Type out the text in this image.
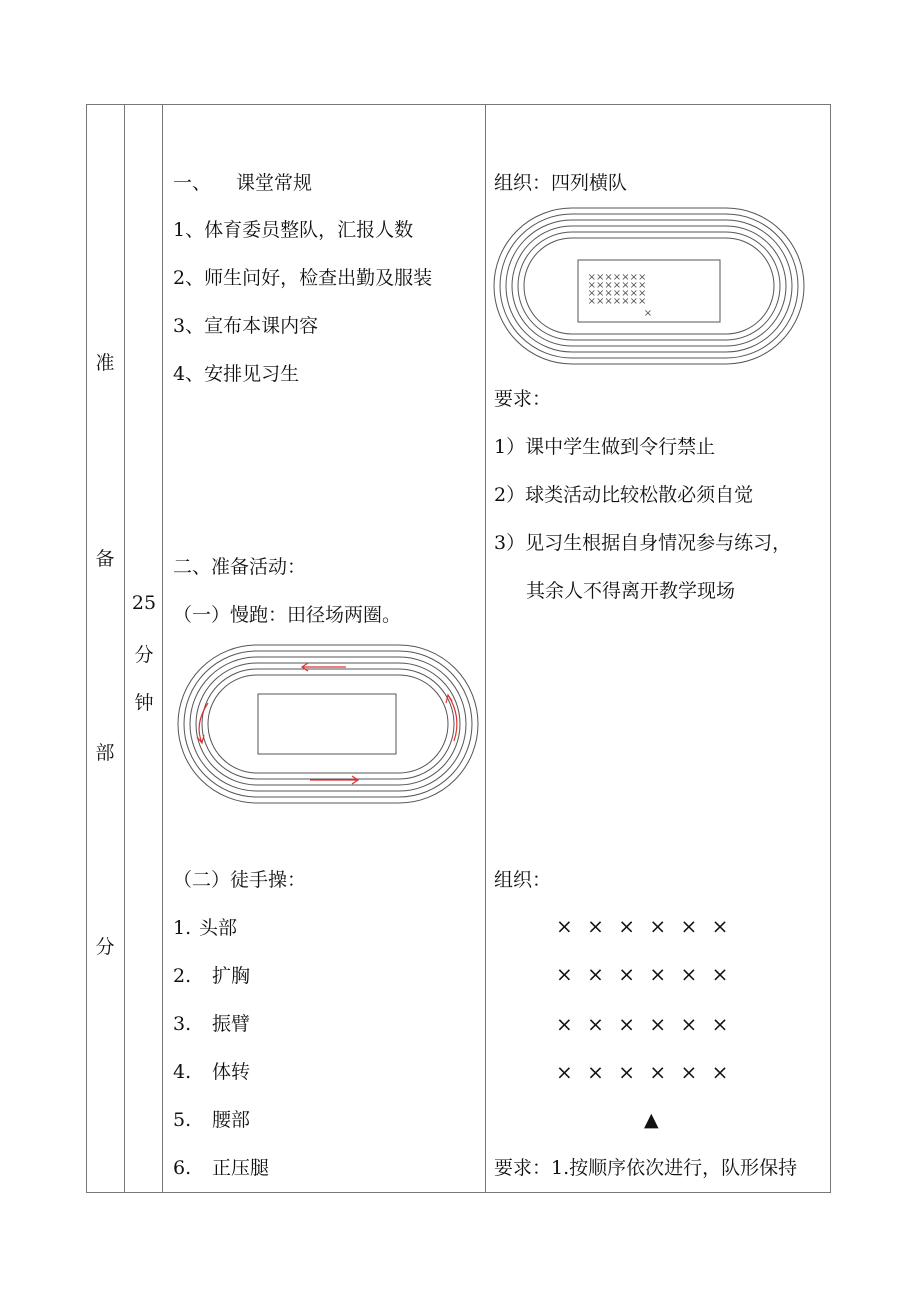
准
备
部
分
25
分
钟
一、 课堂常规
1、体育委员整队，汇报人数
2、师生问好，检查出勤及服装
3、宣布本课内容
4、安排见习生
二、准备活动：
（一）慢跑：田径场两圈。
（二）徒手操：
1. 头部
2. 扩胸
3. 振臂
4. 体转
5. 腰部
6. 正压腿
组织：四列横队
×××××××
×××××××
×××××××
×××××××
×
要求：
1）课中学生做到令行禁止
2）球类活动比较松散必须自觉
3）见习生根据自身情况参与练习，
其余人不得离开教学现场
组织：
× × × × × ×
× × × × × ×
× × × × × ×
× × × × × ×
▲
要求：1.按顺序依次进行，队形保持
